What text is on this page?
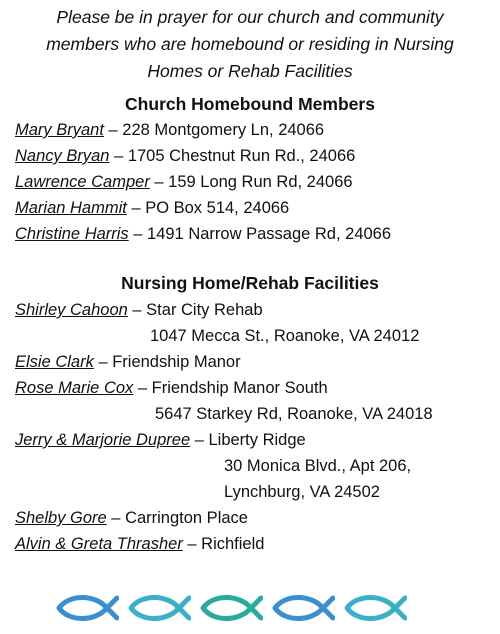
Please be in prayer for our church and community
members who are homebound or residing in Nursing
Homes or Rehab Facilities
Church Homebound Members
Mary Bryant – 228 Montgomery Ln, 24066
Nancy Bryan – 1705 Chestnut Run Rd., 24066
Lawrence Camper – 159 Long Run Rd, 24066
Marian Hammit – PO Box 514, 24066
Christine Harris – 1491 Narrow Passage Rd, 24066
Nursing Home/Rehab Facilities
Shirley Cahoon – Star City Rehab
1047 Mecca St., Roanoke, VA 24012
Elsie Clark – Friendship Manor
Rose Marie Cox – Friendship Manor South
5647 Starkey Rd, Roanoke, VA 24018
Jerry & Marjorie Dupree – Liberty Ridge
30 Monica Blvd., Apt 206,
Lynchburg, VA 24502
Shelby Gore – Carrington Place
Alvin & Greta Thrasher – Richfield
